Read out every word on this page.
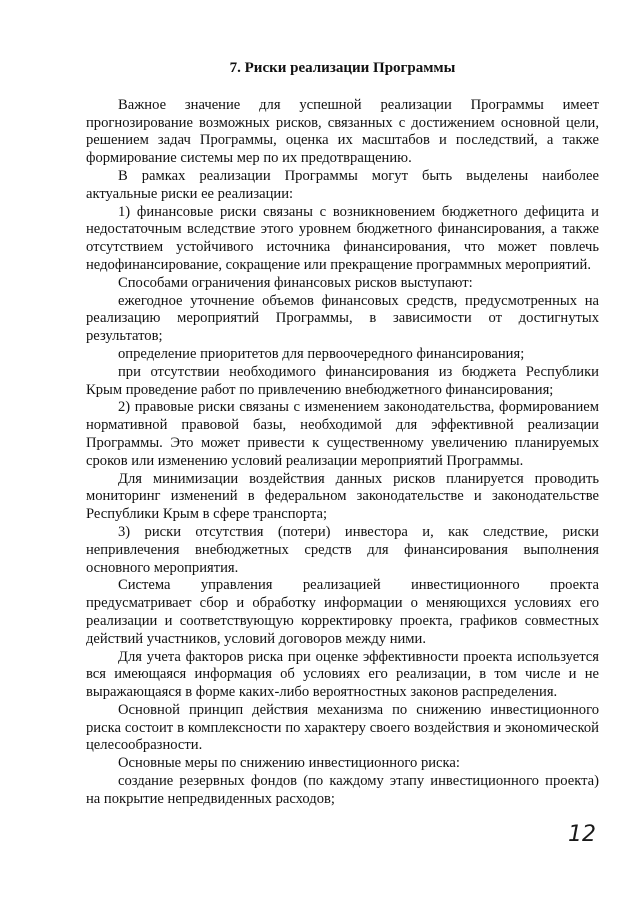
7. Риски реализации Программы

Важное значение для успешной реализации Программы имеет прогнозирование возможных рисков, связанных с достижением основной цели, решением задач Программы, оценка их масштабов и последствий, а также формирование системы мер по их предотвращению.

В рамках реализации Программы могут быть выделены наиболее актуальные риски ее реализации:

1) финансовые риски связаны с возникновением бюджетного дефицита и недостаточным вследствие этого уровнем бюджетного финансирования, а также отсутствием устойчивого источника финансирования, что может повлечь недофинансирование, сокращение или прекращение программных мероприятий.

Способами ограничения финансовых рисков выступают:

ежегодное уточнение объемов финансовых средств, предусмотренных на реализацию мероприятий Программы, в зависимости от достигнутых результатов;

определение приоритетов для первоочередного финансирования;

при отсутствии необходимого финансирования из бюджета Республики Крым проведение работ по привлечению внебюджетного финансирования;

2) правовые риски связаны с изменением законодательства, формированием нормативной правовой базы, необходимой для эффективной реализации Программы. Это может привести к существенному увеличению планируемых сроков или изменению условий реализации мероприятий Программы.

Для минимизации воздействия данных рисков планируется проводить мониторинг изменений в федеральном законодательстве и законодательстве Республики Крым в сфере транспорта;

3) риски отсутствия (потери) инвестора и, как следствие, риски непривлечения внебюджетных средств для финансирования выполнения основного мероприятия.

Система управления реализацией инвестиционного проекта предусматривает сбор и обработку информации о меняющихся условиях его реализации и соответствующую корректировку проекта, графиков совместных действий участников, условий договоров между ними.

Для учета факторов риска при оценке эффективности проекта используется вся имеющаяся информация об условиях его реализации, в том числе и не выражающаяся в форме каких-либо вероятностных законов распределения.

Основной принцип действия механизма по снижению инвестиционного риска состоит в комплексности по характеру своего воздействия и экономической целесообразности.

Основные меры по снижению инвестиционного риска:

создание резервных фондов (по каждому этапу инвестиционного проекта) на покрытие непредвиденных расходов;

12
